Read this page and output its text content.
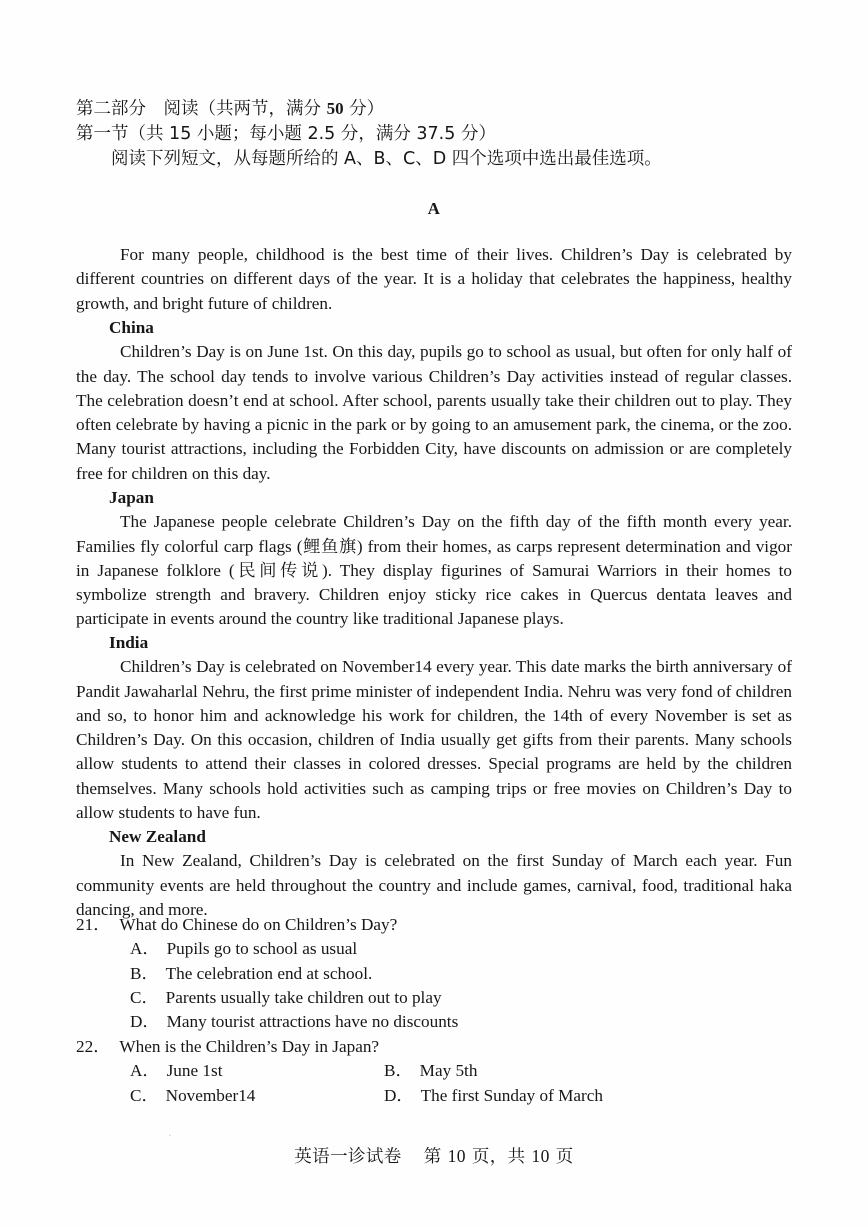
第二部分　阅读（共两节，满分 50 分）
第一节（共 15 小题；每小题 2.5 分，满分 37.5 分）
阅读下列短文，从每题所给的 A、B、C、D 四个选项中选出最佳选项。
A

For many people, childhood is the best time of their lives. Children’s Day is celebrated by different countries on different days of the year. It is a holiday that celebrates the happiness, healthy growth, and bright future of children.

China

Children’s Day is on June 1st. On this day, pupils go to school as usual, but often for only half of the day. The school day tends to involve various Children’s Day activities instead of regular classes. The celebration doesn’t end at school. After school, parents usually take their children out to play. They often celebrate by having a picnic in the park or by going to an amusement park, the cinema, or the zoo. Many tourist attractions, including the Forbidden City, have discounts on admission or are completely free for children on this day.

Japan

The Japanese people celebrate Children’s Day on the fifth day of the fifth month every year. Families fly colorful carp flags (鲤鱼旗) from their homes, as carps represent determination and vigor in Japanese folklore (民间传说). They display figurines of Samurai Warriors in their homes to symbolize strength and bravery. Children enjoy sticky rice cakes in Quercus dentata leaves and participate in events around the country like traditional Japanese plays.

India

Children’s Day is celebrated on November14 every year. This date marks the birth anniversary of Pandit Jawaharlal Nehru, the first prime minister of independent India. Nehru was very fond of children and so, to honor him and acknowledge his work for children, the 14th of every November is set as Children’s Day. On this occasion, children of India usually get gifts from their parents. Many schools allow students to attend their classes in colored dresses. Special programs are held by the children themselves. Many schools hold activities such as camping trips or free movies on Children’s Day to allow students to have fun.

New Zealand

In New Zealand, Children’s Day is celebrated on the first Sunday of March each year. Fun community events are held throughout the country and include games, carnival, food, traditional haka dancing, and more.

21． What do Chinese do on Children’s Day?

A． Pupils go to school as usual

B． The celebration end at school.

C． Parents usually take children out to play

D． Many tourist attractions have no discounts

22． When is the Children’s Day in Japan?

A． June 1st	B． May 5th
C． November14	D． The first Sunday of March
·
英语一诊试卷 第 10 页，共 10 页
